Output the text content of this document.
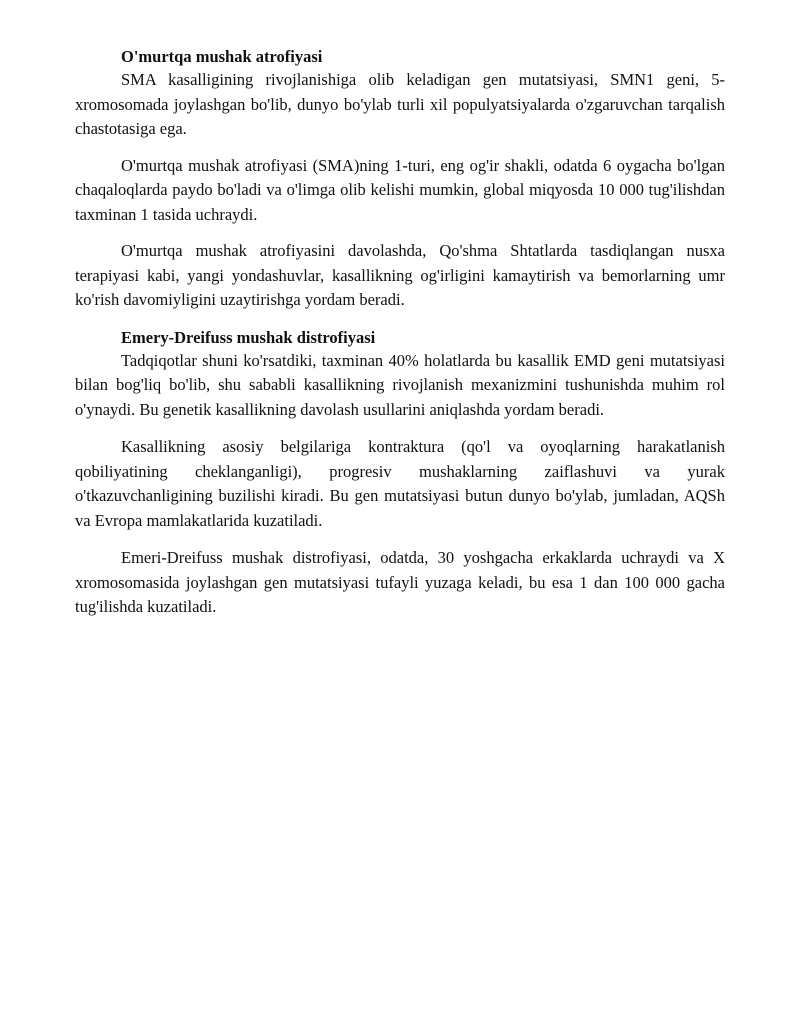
O'murtqa mushak atrofiyasi

SMA kasalligining rivojlanishiga olib keladigan gen mutatsiyasi, SMN1 geni, 5-xromosomada joylashgan bo'lib, dunyo bo'ylab turli xil populyatsiyalarda o'zgaruvchan tarqalish chastotasiga ega.

O'murtqa mushak atrofiyasi (SMA)ning 1-turi, eng og'ir shakli, odatda 6 oygacha bo'lgan chaqaloqlarda paydo bo'ladi va o'limga olib kelishi mumkin, global miqyosda 10 000 tug'ilishdan taxminan 1 tasida uchraydi.

O'murtqa mushak atrofiyasini davolashda, Qo'shma Shtatlarda tasdiqlangan nusxa terapiyasi kabi, yangi yondashuvlar, kasallikning og'irligini kamaytirish va bemorlarning umr ko'rish davomiyligini uzaytirishga yordam beradi.

Emery-Dreifuss mushak distrofiyasi

Tadqiqotlar shuni ko'rsatdiki, taxminan 40% holatlarda bu kasallik EMD geni mutatsiyasi bilan bog'liq bo'lib, shu sababli kasallikning rivojlanish mexanizmini tushunishda muhim rol o'ynaydi. Bu genetik kasallikning davolash usullarini aniqlashda yordam beradi.

Kasallikning asosiy belgilariga kontraktura (qo'l va oyoqlarning harakatlanish qobiliyatining cheklanganligi), progresiv mushaklarning zaiflashuvi va yurak o'tkazuvchanligining buzilishi kiradi. Bu gen mutatsiyasi butun dunyo bo'ylab, jumladan, AQSh va Evropa mamlakatlarida kuzatiladi.

Emeri-Dreifuss mushak distrofiyasi, odatda, 30 yoshgacha erkaklarda uchraydi va X xromosomasida joylashgan gen mutatsiyasi tufayli yuzaga keladi, bu esa 1 dan 100 000 gacha tug'ilishda kuzatiladi.
